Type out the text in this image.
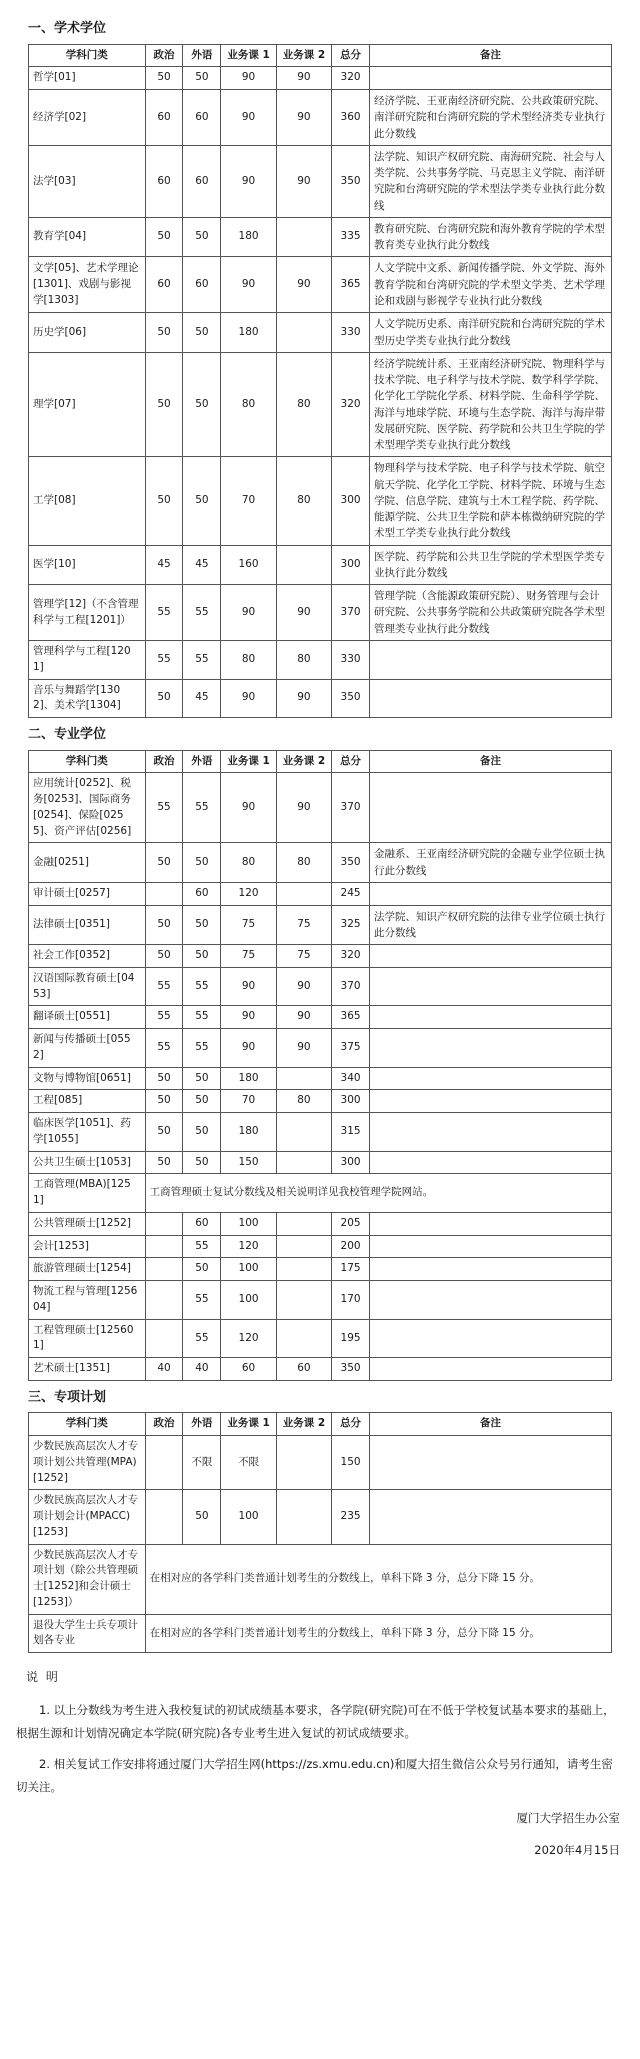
一、学术学位
学科门类	政治	外语	业务课 1	业务课 2	总分	备注
哲学[01]	50	50	90	90	320	
经济学[02]	60	60	90	90	360	经济学院、王亚南经济研究院、公共政策研究院、南洋研究院和台湾研究院的学术型经济类专业执行此分数线
法学[03]	60	60	90	90	350	法学院、知识产权研究院、南海研究院、社会与人类学院、公共事务学院、马克思主义学院、南洋研究院和台湾研究院的学术型法学类专业执行此分数线
教育学[04]	50	50	180		335	教育研究院、台湾研究院和海外教育学院的学术型教育类专业执行此分数线
文学[05]、艺术学理论[1301]、戏剧与影视学[1303]	60	60	90	90	365	人文学院中文系、新闻传播学院、外文学院、海外教育学院和台湾研究院的学术型文学类、艺术学理论和戏剧与影视学专业执行此分数线
历史学[06]	50	50	180		330	人文学院历史系、南洋研究院和台湾研究院的学术型历史学类专业执行此分数线
理学[07]	50	50	80	80	320	经济学院统计系、王亚南经济研究院、物理科学与技术学院、电子科学与技术学院、数学科学学院、化学化工学院化学系、材料学院、生命科学学院、海洋与地球学院、环境与生态学院、海洋与海岸带发展研究院、医学院、药学院和公共卫生学院的学术型理学类专业执行此分数线
工学[08]	50	50	70	80	300	物理科学与技术学院、电子科学与技术学院、航空航天学院、化学化工学院、材料学院、环境与生态学院、信息学院、建筑与土木工程学院、药学院、能源学院、公共卫生学院和萨本栋微纳研究院的学术型工学类专业执行此分数线
医学[10]	45	45	160		300	医学院、药学院和公共卫生学院的学术型医学类专业执行此分数线
管理学[12]（不含管理科学与工程[1201]）	55	55	90	90	370	管理学院（含能源政策研究院）、财务管理与会计研究院、公共事务学院和公共政策研究院各学术型管理类专业执行此分数线
管理科学与工程[1201]	55	55	80	80	330	
音乐与舞蹈学[1302]、美术学[1304]	50	45	90	90	350	
二、专业学位
学科门类	政治	外语	业务课 1	业务课 2	总分	备注
应用统计[0252]、税务[0253]、国际商务[0254]、保险[0255]、资产评估[0256]	55	55	90	90	370	
金融[0251]	50	50	80	80	350	金融系、王亚南经济研究院的金融专业学位硕士执行此分数线
审计硕士[0257]		60	120		245	
法律硕士[0351]	50	50	75	75	325	法学院、知识产权研究院的法律专业学位硕士执行此分数线
社会工作[0352]	50	50	75	75	320	
汉语国际教育硕士[0453]	55	55	90	90	370	
翻译硕士[0551]	55	55	90	90	365	
新闻与传播硕士[0552]	55	55	90	90	375	
文物与博物馆[0651]	50	50	180		340	
工程[085]	50	50	70	80	300	
临床医学[1051]、药学[1055]	50	50	180		315	
公共卫生硕士[1053]	50	50	150		300	
工商管理(MBA)[1251]	工商管理硕士复试分数线及相关说明详见我校管理学院网站。					
公共管理硕士[1252]		60	100		205	
会计[1253]		55	120		200	
旅游管理硕士[1254]		50	100		175	
物流工程与管理[125604]		55	100		170	
工程管理硕士[125601]		55	120		195	
艺术硕士[1351]	40	40	60	60	350	
三、专项计划
学科门类	政治	外语	业务课 1	业务课 2	总分	备注
少数民族高层次人才专项计划公共管理(MPA)[1252]		不限	不限		150	
少数民族高层次人才专项计划会计(MPACC)[1253]		50	100		235	
少数民族高层次人才专项计划（除公共管理硕士[1252]和会计硕士[1253]）	在相对应的各学科门类普通计划考生的分数线上，单科下降 3 分，总分下降 15 分。					
退役大学生士兵专项计划各专业	在相对应的各学科门类普通计划考生的分数线上，单科下降 3 分，总分下降 15 分。					
说 明

1. 以上分数线为考生进入我校复试的初试成绩基本要求，各学院(研究院)可在不低于学校复试基本要求的基础上，根据生源和计划情况确定本学院(研究院)各专业考生进入复试的初试成绩要求。

2. 相关复试工作安排将通过厦门大学招生网(https://zs.xmu.edu.cn)和厦大招生微信公众号另行通知，请考生密切关注。

厦门大学招生办公室
2020年4月15日
